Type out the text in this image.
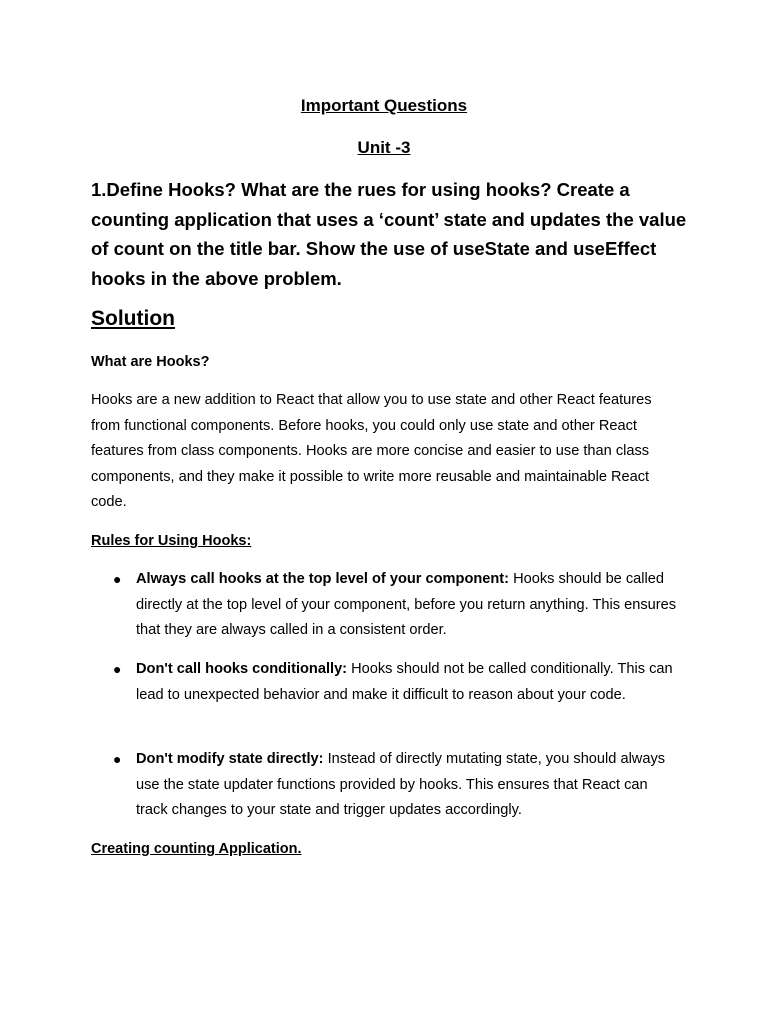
Important Questions
Unit -3
1.Define Hooks? What are the rues for using hooks? Create a counting application that uses a ‘count’ state and updates the value of count on the title bar. Show the use of useState and useEffect hooks in the above problem.
Solution
What are Hooks?
Hooks are a new addition to React that allow you to use state and other React features from functional components. Before hooks, you could only use state and other React features from class components. Hooks are more concise and easier to use than class components, and they make it possible to write more reusable and maintainable React code.
Rules for Using Hooks:
● Always call hooks at the top level of your component: Hooks should be called directly at the top level of your component, before you return anything. This ensures that they are always called in a consistent order.
● Don't call hooks conditionally: Hooks should not be called conditionally. This can lead to unexpected behavior and make it difficult to reason about your code.
● Don't modify state directly: Instead of directly mutating state, you should always use the state updater functions provided by hooks. This ensures that React can track changes to your state and trigger updates accordingly.
Creating counting Application.
